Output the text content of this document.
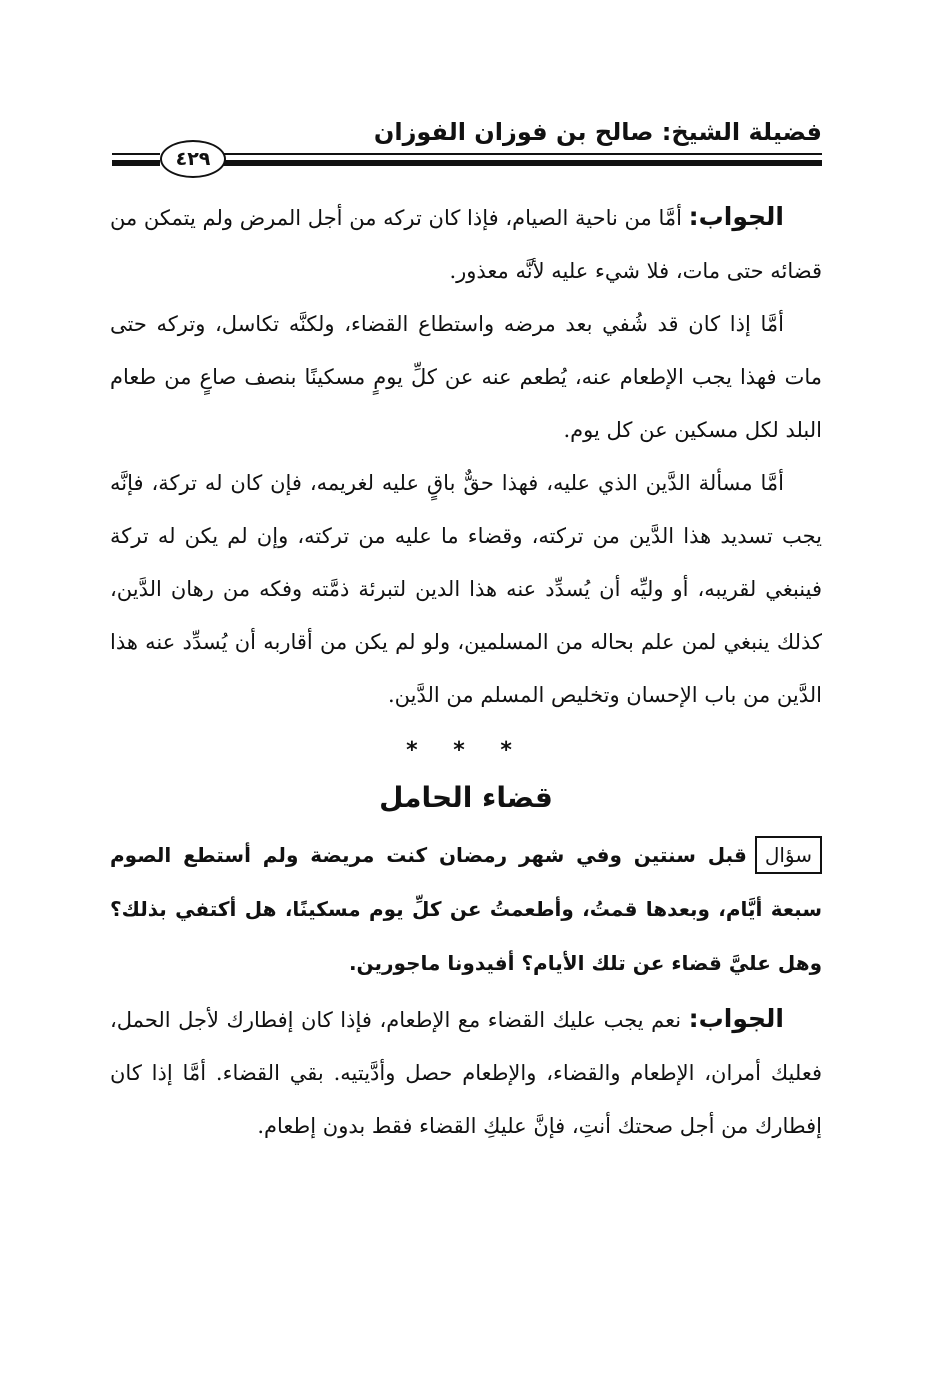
فضيلة الشيخ: صالح بن فوزان الفوزان
٤٢٩

الجواب: أمَّا من ناحية الصيام، فإذا كان تركه من أجل المرض ولم يتمكن من قضائه حتى مات، فلا شيء عليه لأنَّه معذور.

أمَّا إذا كان قد شُفي بعد مرضه واستطاع القضاء، ولكنَّه تكاسل، وتركه حتى مات فهذا يجب الإطعام عنه، يُطعم عنه عن كلِّ يومٍ مسكينًا بنصف صاعٍ من طعام البلد لكل مسكين عن كل يوم.

أمَّا مسألة الدَّين الذي عليه، فهذا حقٌّ باقٍ عليه لغريمه، فإن كان له تركة، فإنَّه يجب تسديد هذا الدَّين من تركته، وقضاء ما عليه من تركته، وإن لم يكن له تركة فينبغي لقريبه، أو وليِّه أن يُسدِّد عنه هذا الدين لتبرئة ذمَّته وفكه من رهان الدَّين، كذلك ينبغي لمن علم بحاله من المسلمين، ولو لم يكن من أقاربه أن يُسدِّد عنه هذا الدَّين من باب الإحسان وتخليص المسلم من الدَّين.

* * *
قضاء الحامل

سؤالقبل سنتين وفي شهر رمضان كنت مريضة ولم أستطع الصوم سبعة أيَّام، وبعدها قمتُ، وأطعمتُ عن كلِّ يوم مسكينًا، هل أكتفي بذلك؟ وهل عليَّ قضاء عن تلك الأيام؟ أفيدونا ماجورين.

الجواب: نعم يجب عليك القضاء مع الإطعام، فإذا كان إفطارك لأجل الحمل، فعليك أمران، الإطعام والقضاء، والإطعام حصل وأدَّيتيه. بقي القضاء. أمَّا إذا كان إفطارك من أجل صحتك أنتِ، فإنَّ عليكِ القضاء فقط بدون إطعام.
